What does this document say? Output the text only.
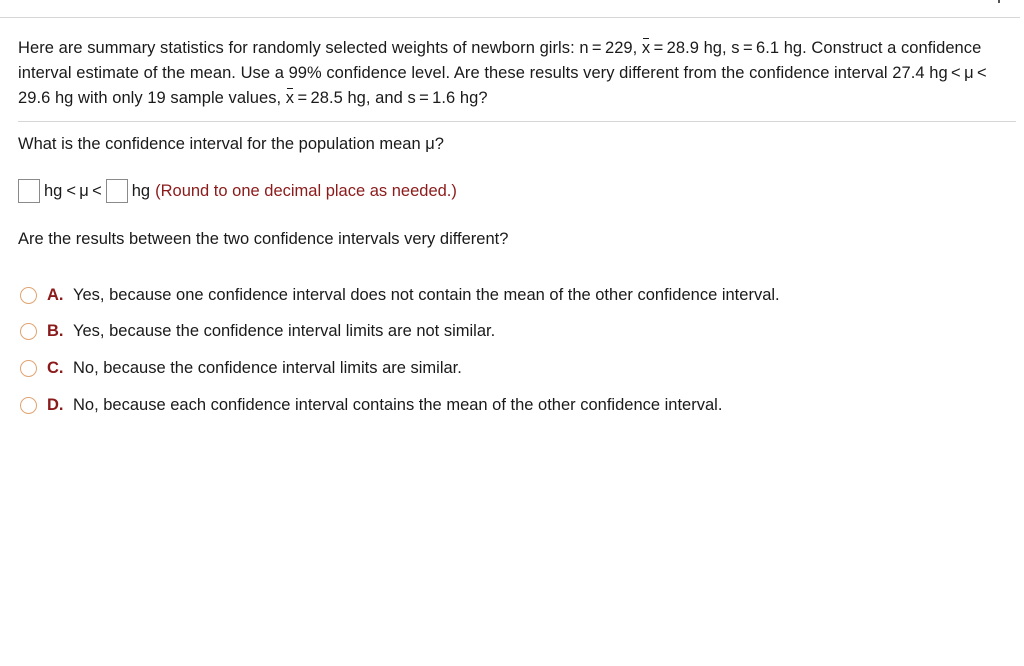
Here are summary statistics for randomly selected weights of newborn girls: n = 229, x = 28.9 hg, s = 6.1 hg. Construct a confidence interval estimate of the mean. Use a 99% confidence level. Are these results very different from the confidence interval 27.4 hg < μ < 29.6 hg with only 19 sample values, x = 28.5 hg, and s = 1.6 hg?
What is the confidence interval for the population mean μ?
hg < μ < hg (Round to one decimal place as needed.)
Are the results between the two confidence intervals very different?
A. Yes, because one confidence interval does not contain the mean of the other confidence interval.
B. Yes, because the confidence interval limits are not similar.
C. No, because the confidence interval limits are similar.
D. No, because each confidence interval contains the mean of the other confidence interval.
